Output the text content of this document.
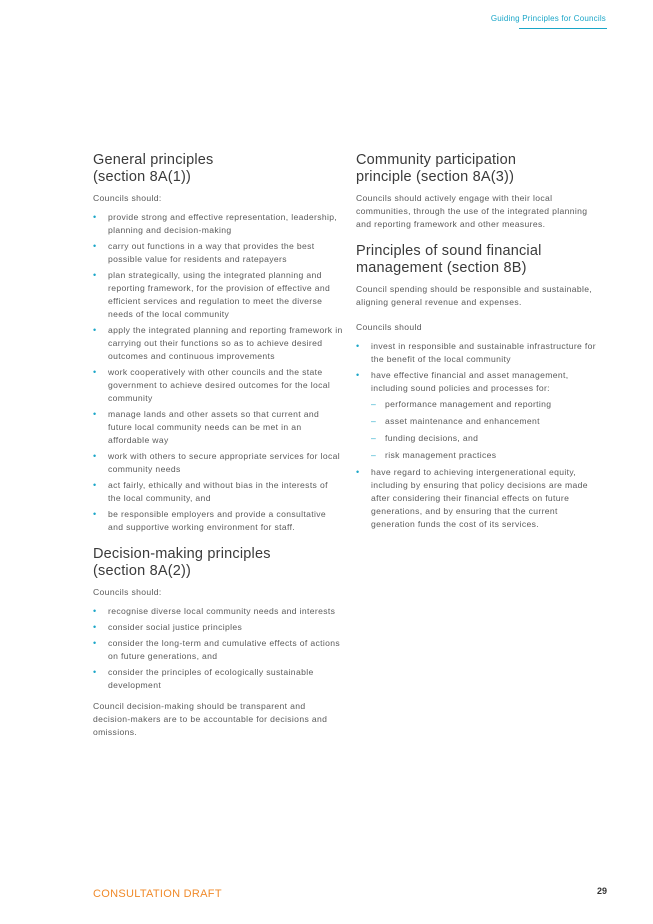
Guiding Principles for Councils
General principles
(section 8A(1))

Councils should:

• provide strong and effective representation, leadership, planning and decision-making
• carry out functions in a way that provides the best possible value for residents and ratepayers
• plan strategically, using the integrated planning and reporting framework, for the provision of effective and efficient services and regulation to meet the diverse needs of the local community
• apply the integrated planning and reporting framework in carrying out their functions so as to achieve desired outcomes and continuous improvements
• work cooperatively with other councils and the state government to achieve desired outcomes for the local community
• manage lands and other assets so that current and future local community needs can be met in an affordable way
• work with others to secure appropriate services for local community needs
• act fairly, ethically and without bias in the interests of the local community, and
• be responsible employers and provide a consultative and supportive working environment for staff.
Decision-making principles
(section 8A(2))

Councils should:

• recognise diverse local community needs and interests
• consider social justice principles
• consider the long-term and cumulative effects of actions on future generations, and
• consider the principles of ecologically sustainable development

Council decision-making should be transparent and decision-makers are to be accountable for decisions and omissions.

Community participation
principle (section 8A(3))

Councils should actively engage with their local communities, through the use of the integrated planning and reporting framework and other measures.

Principles of sound financial
management (section 8B)

Council spending should be responsible and sustainable, aligning general revenue and expenses.

Councils should

• invest in responsible and sustainable infrastructure for the benefit of the local community
• have effective financial and asset management, including sound policies and processes for:
– performance management and reporting
– asset maintenance and enhancement
– funding decisions, and
– risk management practices
• have regard to achieving intergenerational equity, including by ensuring that policy decisions are made after considering their financial effects on future generations, and by ensuring that the current generation funds the cost of its services.
CONSULTATION DRAFT	29
